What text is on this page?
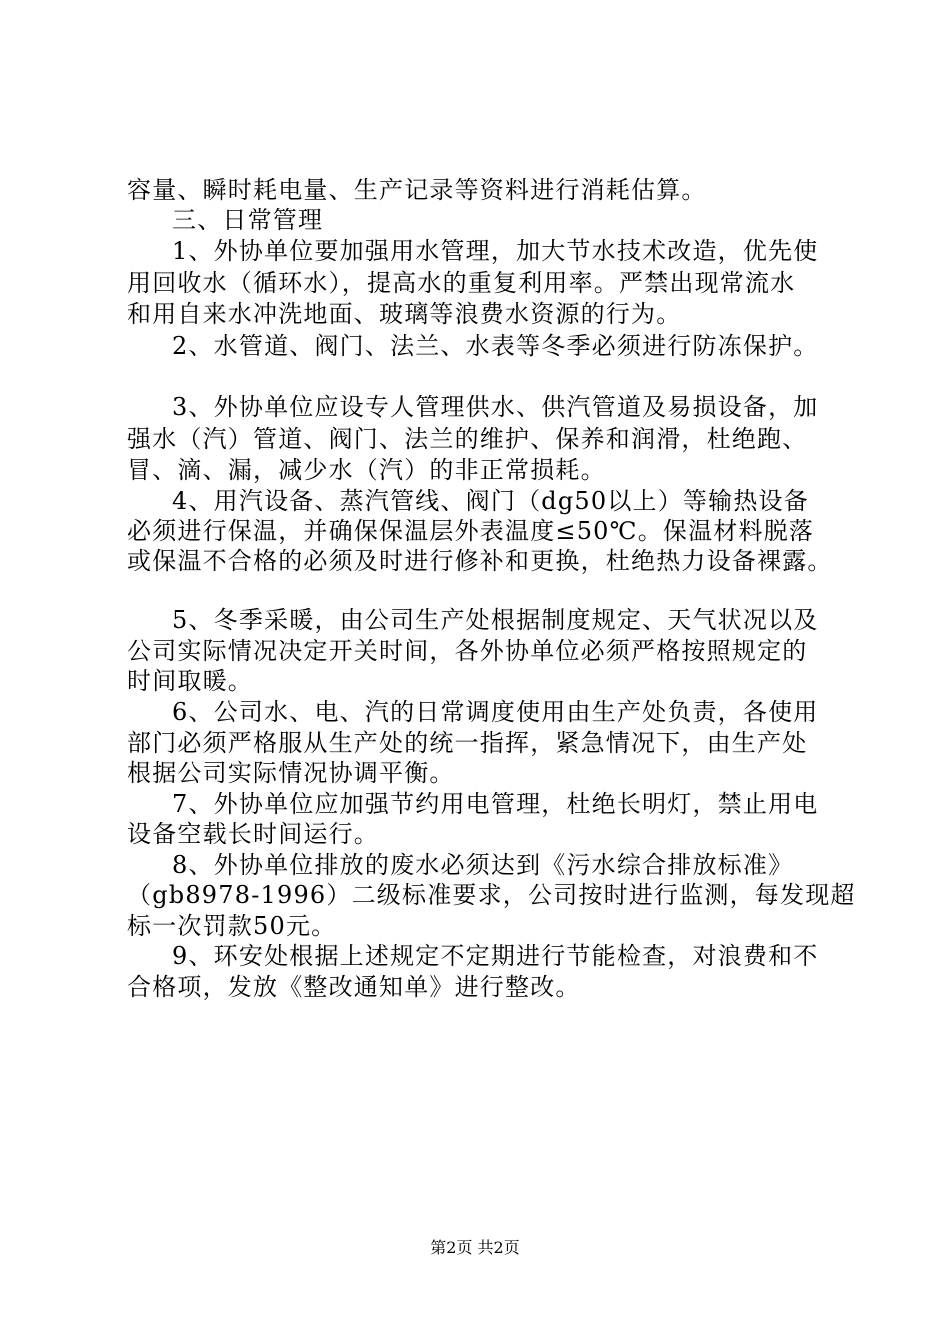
容量、瞬时耗电量、生产记录等资料进行消耗估算。
三、日常管理
1、外协单位要加强用水管理，加大节水技术改造，优先使
用回收水（循环水），提高水的重复利用率。严禁出现常流水
和用自来水冲洗地面、玻璃等浪费水资源的行为。
2、水管道、阀门、法兰、水表等冬季必须进行防冻保护。
3、外协单位应设专人管理供水、供汽管道及易损设备，加
强水（汽）管道、阀门、法兰的维护、保养和润滑，杜绝跑、
冒、滴、漏，减少水（汽）的非正常损耗。
4、用汽设备、蒸汽管线、阀门（dg50以上）等输热设备
必须进行保温，并确保保温层外表温度≤50℃。保温材料脱落
或保温不合格的必须及时进行修补和更换，杜绝热力设备裸露。
5、冬季采暖，由公司生产处根据制度规定、天气状况以及
公司实际情况决定开关时间，各外协单位必须严格按照规定的
时间取暖。
6、公司水、电、汽的日常调度使用由生产处负责，各使用
部门必须严格服从生产处的统一指挥，紧急情况下，由生产处
根据公司实际情况协调平衡。
7、外协单位应加强节约用电管理，杜绝长明灯，禁止用电
设备空载长时间运行。
8、外协单位排放的废水必须达到《污水综合排放标准》
（gb8978-1996）二级标准要求，公司按时进行监测，每发现超
标一次罚款50元。
9、环安处根据上述规定不定期进行节能检查，对浪费和不
合格项，发放《整改通知单》进行整改。
第2页 共2页
